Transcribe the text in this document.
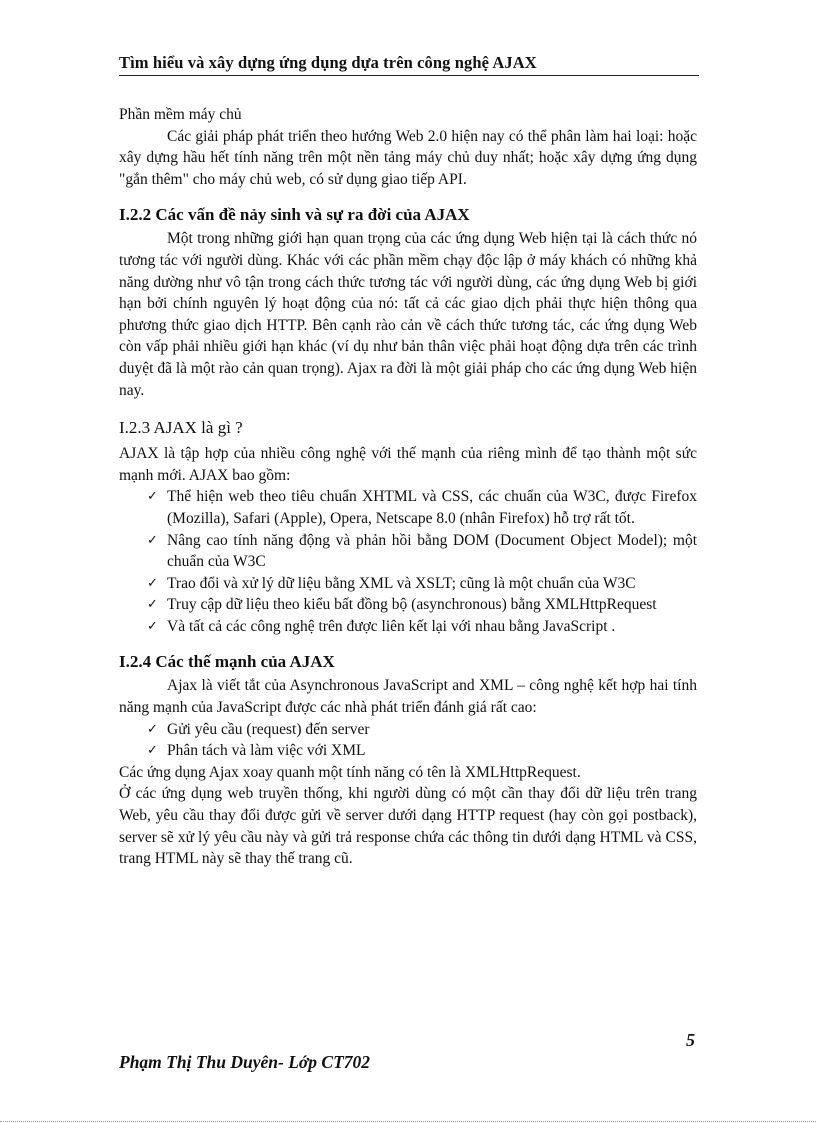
Tìm hiểu và xây dựng ứng dụng dựa trên công nghệ AJAX

Phần mềm máy chủ

Các giải pháp phát triển theo hướng Web 2.0 hiện nay có thể phân làm hai loại: hoặc xây dựng hầu hết tính năng trên một nền tảng máy chủ duy nhất; hoặc xây dựng ứng dụng "gắn thêm" cho máy chủ web, có sử dụng giao tiếp API.

I.2.2 Các vấn đề nảy sinh và sự ra đời của AJAX

Một trong những giới hạn quan trọng của các ứng dụng Web hiện tại là cách thức nó tương tác với người dùng. Khác với các phần mềm chạy độc lập ở máy khách có những khả năng dường như vô tận trong cách thức tương tác với người dùng, các ứng dụng Web bị giới hạn bởi chính nguyên lý hoạt động của nó: tất cả các giao dịch phải thực hiện thông qua phương thức giao dịch HTTP. Bên cạnh rào cản về cách thức tương tác, các ứng dụng Web còn vấp phải nhiều giới hạn khác (ví dụ như bản thân việc phải hoạt động dựa trên các trình duyệt đã là một rào cản quan trọng). Ajax ra đời là một giải pháp cho các ứng dụng Web hiện nay.

I.2.3 AJAX là gì ?

AJAX là tập hợp của nhiều công nghệ với thế mạnh của riêng mình để tạo thành một sức mạnh mới. AJAX bao gồm:

✓ Thể hiện web theo tiêu chuẩn XHTML và CSS, các chuẩn của W3C, được Firefox (Mozilla), Safari (Apple), Opera, Netscape 8.0 (nhân Firefox) hỗ trợ rất tốt.
✓ Nâng cao tính năng động và phản hồi bằng DOM (Document Object Model); một chuẩn của W3C
✓ Trao đổi và xử lý dữ liệu bằng XML và XSLT; cũng là một chuẩn của W3C
✓ Truy cập dữ liệu theo kiểu bất đồng bộ (asynchronous) bằng XMLHttpRequest
✓ Và tất cả các công nghệ trên được liên kết lại với nhau bằng JavaScript .
I.2.4 Các thế mạnh của AJAX

Ajax là viết tắt của Asynchronous JavaScript and XML – công nghệ kết hợp hai tính năng mạnh của JavaScript được các nhà phát triển đánh giá rất cao:

✓ Gửi yêu cầu (request) đến server
✓ Phân tách và làm việc với XML

Các ứng dụng Ajax xoay quanh một tính năng có tên là XMLHttpRequest.

Ở các ứng dụng web truyền thống, khi người dùng có một cần thay đổi dữ liệu trên trang Web, yêu cầu thay đổi được gửi về server dưới dạng HTTP request (hay còn gọi postback), server sẽ xử lý yêu cầu này và gửi trả response chứa các thông tin dưới dạng HTML và CSS, trang HTML này sẽ thay thế trang cũ.

5
Phạm Thị Thu Duyên- Lớp CT702
